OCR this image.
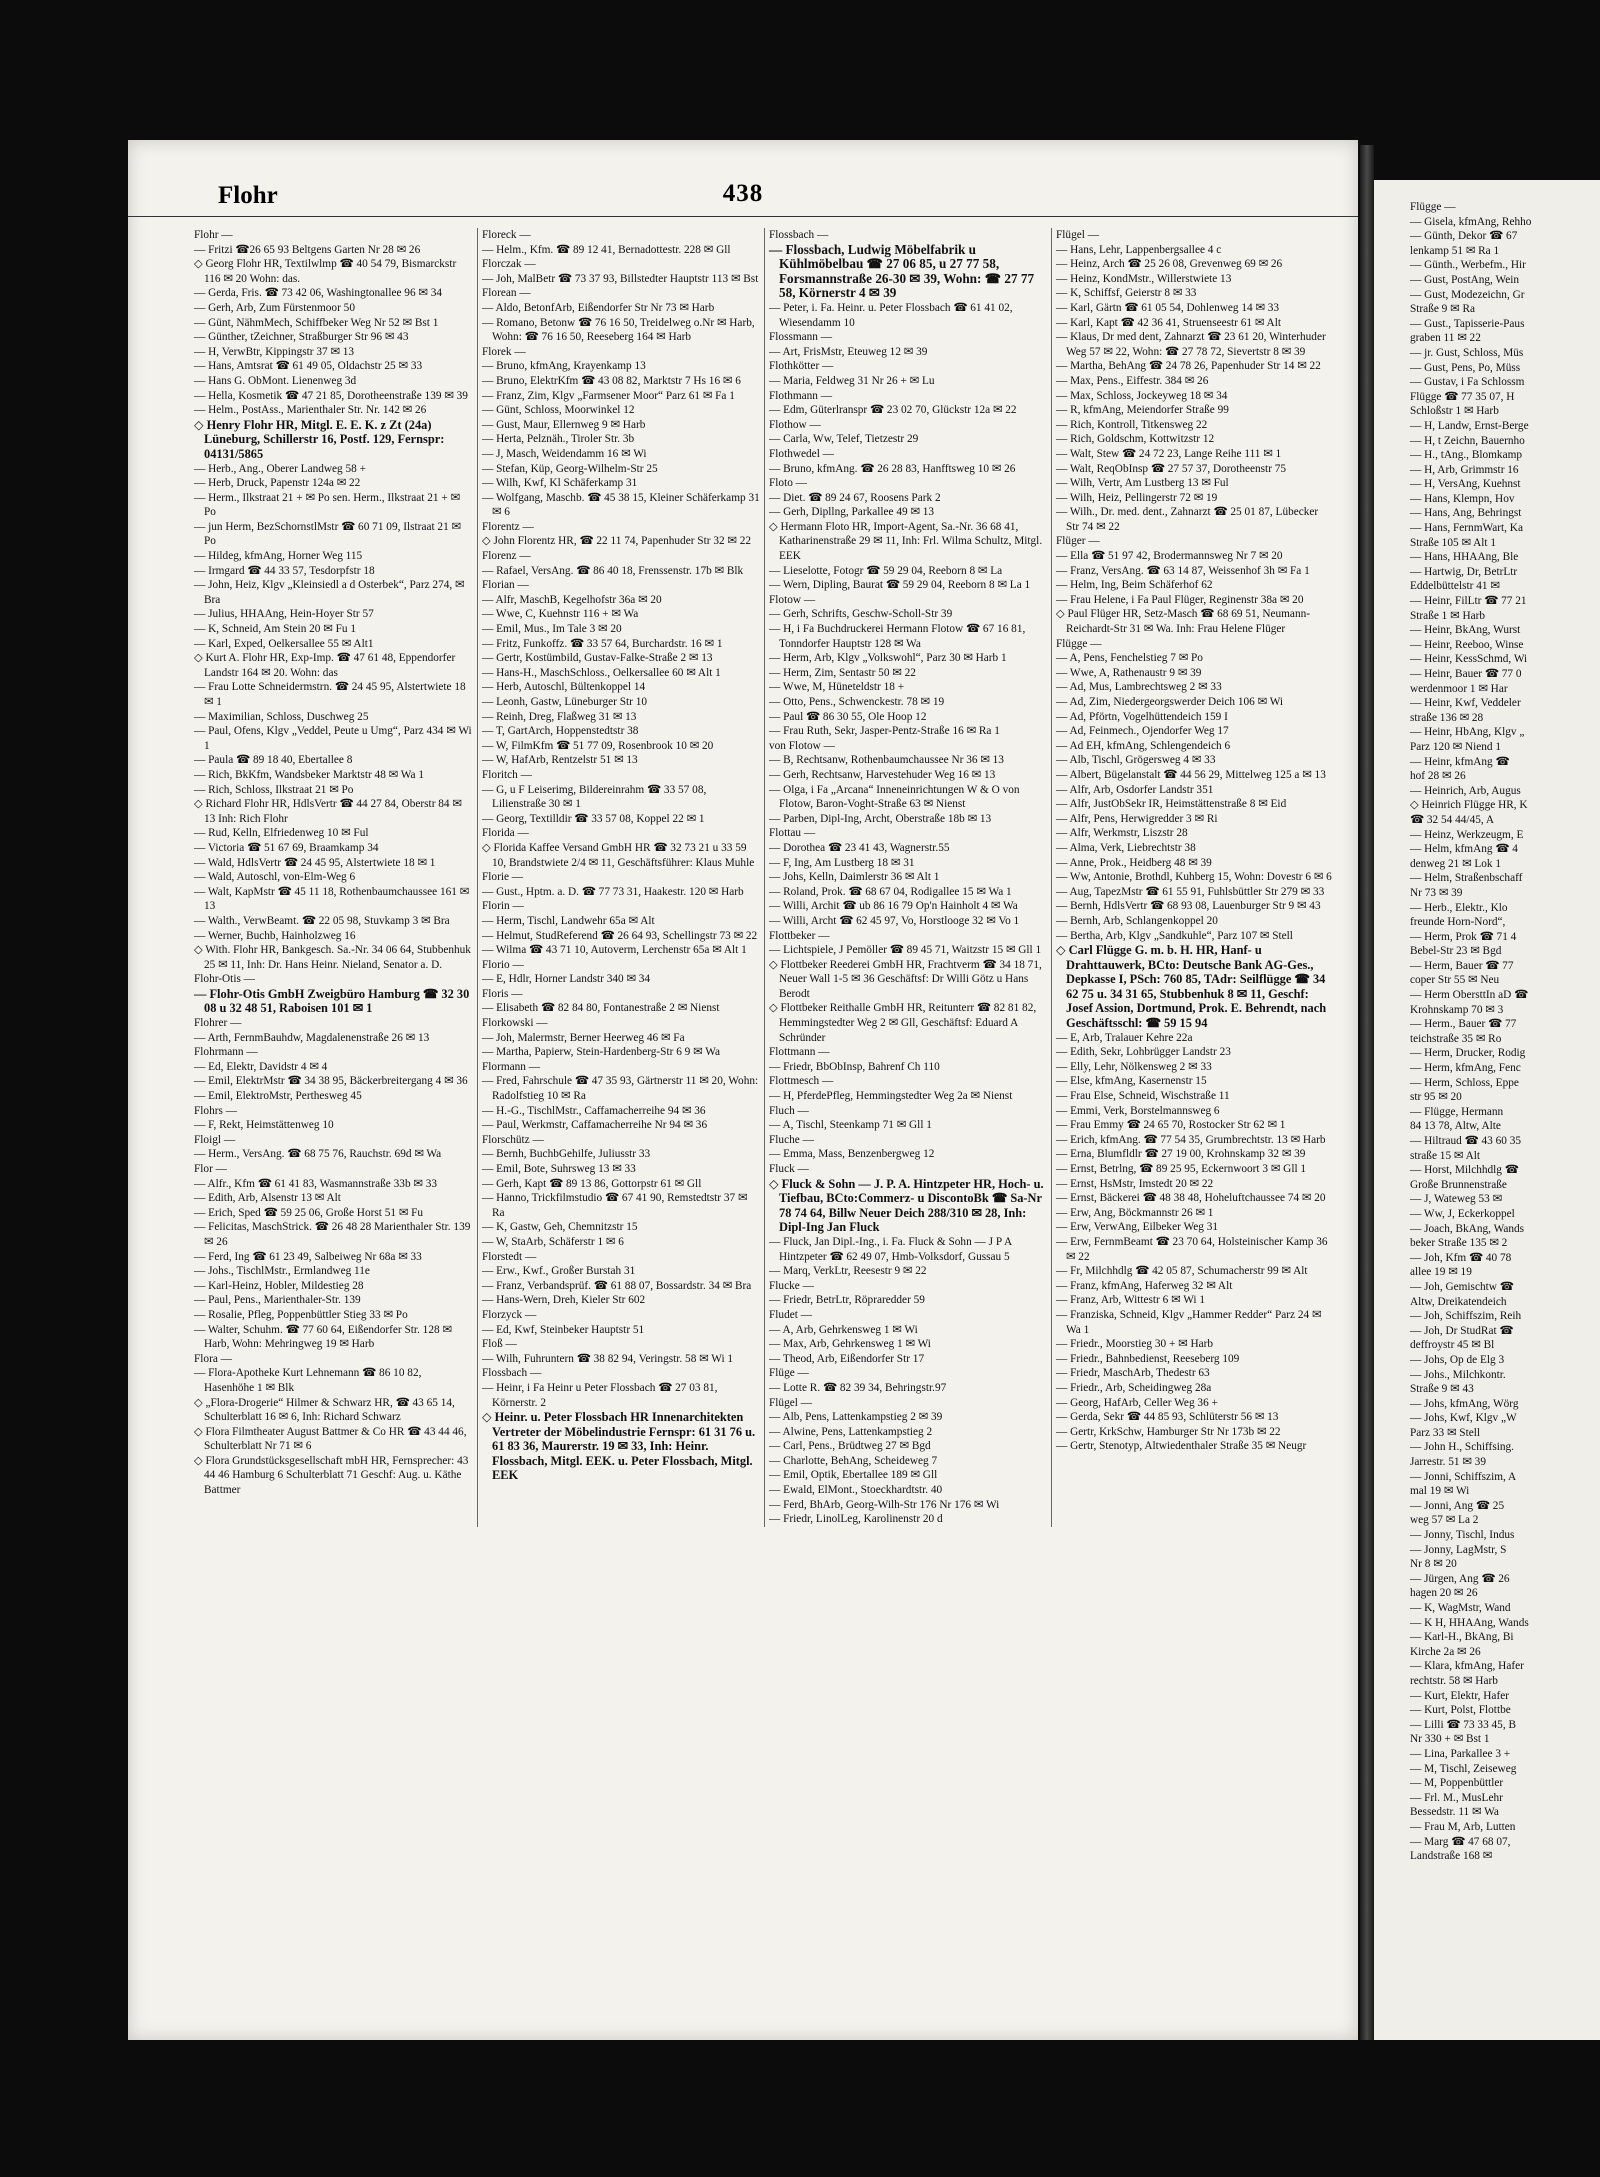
Flohr	438

Flohr —

— Fritzi ☎26 65 93 Beltgens Garten Nr 28 ✉ 26

◇ Georg Flohr HR, Textilwlmp ☎ 40 54 79, Bismarckstr 116 ✉ 20 Wohn: das.

— Gerda, Fris. ☎ 73 42 06, Washingtonallee 96 ✉ 34

— Gerh, Arb, Zum Fürstenmoor 50

— Günt, NähmMech, Schiffbeker Weg Nr 52 ✉ Bst 1

— Günther, tZeichner, Straßburger Str 96 ✉ 43

— H, VerwBtr, Kippingstr 37 ✉ 13

— Hans, Amtsrat ☎ 61 49 05, Oldachstr 25 ✉ 33

— Hans G. ObMont. Lienenweg 3d

— Hella, Kosmetik ☎ 47 21 85, Dorotheenstraße 139 ✉ 39

— Helm., PostAss., Marienthaler Str. Nr. 142 ✉ 26

◇ Henry Flohr HR, Mitgl. E. E. K. z Zt (24a) Lüneburg, Schillerstr 16, Postf. 129, Fernspr: 04131/5865

— Herb., Ang., Oberer Landweg 58 +

— Herb, Druck, Papenstr 124a ✉ 22

— Herm., Ilkstraat 21 + ✉ Po sen. Herm., Ilkstraat 21 + ✉ Po

— jun Herm, BezSchornstlMstr ☎ 60 71 09, Ilstraat 21 ✉ Po

— Hildeg, kfmAng, Horner Weg 115

— Irmgard ☎ 44 33 57, Tesdorpfstr 18

— John, Heiz, Klgv „Kleinsiedl a d Osterbek“, Parz 274, ✉ Bra

— Julius, HHAAng, Hein-Hoyer Str 57

— K, Schneid, Am Stein 20 ✉ Fu 1

— Karl, Exped, Oelkersallee 55 ✉ Alt1

◇ Kurt A. Flohr HR, Exp-Imp. ☎ 47 61 48, Eppendorfer Landstr 164 ✉ 20. Wohn: das

— Frau Lotte Schneidermstrn. ☎ 24 45 95, Alstertwiete 18 ✉ 1

— Maximilian, Schloss, Duschweg 25

— Paul, Ofens, Klgv „Veddel, Peute u Umg“, Parz 434 ✉ Wi 1

— Paula ☎ 89 18 40, Ebertallee 8

— Rich, BkKfm, Wandsbeker Marktstr 48 ✉ Wa 1

— Rich, Schloss, Ilkstraat 21 ✉ Po

◇ Richard Flohr HR, HdlsVertr ☎ 44 27 84, Oberstr 84 ✉ 13 Inh: Rich Flohr

— Rud, Kelln, Elfriedenweg 10 ✉ Ful

— Victoria ☎ 51 67 69, Braamkamp 34

— Wald, HdlsVertr ☎ 24 45 95, Alstertwiete 18 ✉ 1

— Wald, Autoschl, von-Elm-Weg 6

— Walt, KapMstr ☎ 45 11 18, Rothenbaumchaussee 161 ✉ 13

— Walth., VerwBeamt. ☎ 22 05 98, Stuvkamp 3 ✉ Bra

— Werner, Buchb, Hainholzweg 16

◇ With. Flohr HR, Bankgesch. Sa.-Nr. 34 06 64, Stubbenhuk 25 ✉ 11, Inh: Dr. Hans Heinr. Nieland, Senator a. D.

Flohr-Otis —

— Flohr-Otis GmbH Zweigbüro Hamburg ☎ 32 30 08 u 32 48 51, Raboisen 101 ✉ 1

Flohrer —

— Arth, FernmBauhdw, Magdalenenstraße 26 ✉ 13

Flohrmann —

— Ed, Elektr, Davidstr 4 ✉ 4

— Emil, ElektrMstr ☎ 34 38 95, Bäckerbreitergang 4 ✉ 36

— Emil, ElektroMstr, Perthesweg 45

Flohrs —

— F, Rekt, Heimstättenweg 10

Floigl —

— Herm., VersAng. ☎ 68 75 76, Rauchstr. 69d ✉ Wa

Flor —

— Alfr., Kfm ☎ 61 41 83, Wasmannstraße 33b ✉ 33

— Edith, Arb, Alsenstr 13 ✉ Alt

— Erich, Sped ☎ 59 25 06, Große Horst 51 ✉ Fu

— Felicitas, MaschStrick. ☎ 26 48 28 Marienthaler Str. 139 ✉ 26

— Ferd, Ing ☎ 61 23 49, Salbeiweg Nr 68a ✉ 33

— Johs., TischlMstr., Ermlandweg 11e

— Karl-Heinz, Hobler, Mildestieg 28

— Paul, Pens., Marienthaler-Str. 139

— Rosalie, Pfleg, Poppenbüttler Stieg 33 ✉ Po

— Walter, Schuhm. ☎ 77 60 64, Eißendorfer Str. 128 ✉ Harb, Wohn: Mehringweg 19 ✉ Harb

Flora —

— Flora-Apotheke Kurt Lehnemann ☎ 86 10 82, Hasenhöhe 1 ✉ Blk

◇ „Flora-Drogerie“ Hilmer & Schwarz HR, ☎ 43 65 14, Schulterblatt 16 ✉ 6, Inh: Richard Schwarz

◇ Flora Filmtheater August Battmer & Co HR ☎ 43 44 46, Schulterblatt Nr 71 ✉ 6

◇ Flora Grundstücksgesellschaft mbH HR, Fernsprecher: 43 44 46 Hamburg 6 Schulterblatt 71 Geschf: Aug. u. Käthe Battmer

Floreck —

— Helm., Kfm. ☎ 89 12 41, Bernadottestr. 228 ✉ Gll

Florczak —

— Joh, MalBetr ☎ 73 37 93, Billstedter Hauptstr 113 ✉ Bst

Florean —

— Aldo, BetonfArb, Eißendorfer Str Nr 73 ✉ Harb

— Romano, Betonw ☎ 76 16 50, Treidelweg o.Nr ✉ Harb, Wohn: ☎ 76 16 50, Reeseberg 164 ✉ Harb

Florek —

— Bruno, kfmAng, Krayenkamp 13

— Bruno, ElektrKfm ☎ 43 08 82, Marktstr 7 Hs 16 ✉ 6

— Franz, Zim, Klgv „Farmsener Moor“ Parz 61 ✉ Fa 1

— Günt, Schloss, Moorwinkel 12

— Gust, Maur, Ellernweg 9 ✉ Harb

— Herta, Pelznäh., Tiroler Str. 3b

— J, Masch, Weidendamm 16 ✉ Wi

— Stefan, Küp, Georg-Wilhelm-Str 25

— Wilh, Kwf, Kl Schäferkamp 31

— Wolfgang, Maschb. ☎ 45 38 15, Kleiner Schäferkamp 31 ✉ 6

Florentz —

◇ John Florentz HR, ☎ 22 11 74, Papenhuder Str 32 ✉ 22

Florenz —

— Rafael, VersAng. ☎ 86 40 18, Frenssenstr. 17b ✉ Blk

Florian —

— Alfr, MaschB, Kegelhofstr 36a ✉ 20

— Wwe, C, Kuehnstr 116 + ✉ Wa

— Emil, Mus., Im Tale 3 ✉ 20

— Fritz, Funkoffz. ☎ 33 57 64, Burchardstr. 16 ✉ 1

— Gertr, Kostümbild, Gustav-Falke-Straße 2 ✉ 13

— Hans-H., MaschSchloss., Oelkersallee 60 ✉ Alt 1

— Herb, Autoschl, Bültenkoppel 14

— Leonh, Gastw, Lüneburger Str 10

— Reinh, Dreg, Flaßweg 31 ✉ 13

— T, GartArch, Hoppenstedtstr 38

— W, FilmKfm ☎ 51 77 09, Rosenbrook 10 ✉ 20

— W, HafArb, Rentzelstr 51 ✉ 13

Floritch —

— G, u F Leiserimg, Bildereinrahm ☎ 33 57 08, Lilienstraße 30 ✉ 1

— Georg, Textilldir ☎ 33 57 08, Koppel 22 ✉ 1

Florida —

◇ Florida Kaffee Versand GmbH HR ☎ 32 73 21 u 33 59 10, Brandstwiete 2/4 ✉ 11, Geschäftsführer: Klaus Muhle

Florie —

— Gust., Hptm. a. D. ☎ 77 73 31, Haakestr. 120 ✉ Harb

Florin —

— Herm, Tischl, Landwehr 65a ✉ Alt

— Helmut, StudReferend ☎ 26 64 93, Schellingstr 73 ✉ 22

— Wilma ☎ 43 71 10, Autoverm, Lerchenstr 65a ✉ Alt 1

Florio —

— E, Hdlr, Horner Landstr 340 ✉ 34

Floris —

— Elisabeth ☎ 82 84 80, Fontanestraße 2 ✉ Nienst

Florkowski —

— Joh, Malermstr, Berner Heerweg 46 ✉ Fa

— Martha, Papierw, Stein-Hardenberg-Str 6 9 ✉ Wa

Flormann —

— Fred, Fahrschule ☎ 47 35 93, Gärtnerstr 11 ✉ 20, Wohn: Radolfstieg 10 ✉ Ra

— H.-G., TischlMstr., Caffamacherreihe 94 ✉ 36

— Paul, Werkmstr, Caffamacherreihe Nr 94 ✉ 36

Florschütz —

— Bernh, BuchbGehilfe, Juliusstr 33

— Emil, Bote, Suhrsweg 13 ✉ 33

— Gerh, Kapt ☎ 89 13 86, Gottorpstr 61 ✉ Gll

— Hanno, Trickfilmstudio ☎ 67 41 90, Remstedtstr 37 ✉ Ra

— K, Gastw, Geh, Chemnitzstr 15

— W, StaArb, Schäferstr 1 ✉ 6

Florstedt —

— Erw., Kwf., Großer Burstah 31

— Franz, Verbandsprüf. ☎ 61 88 07, Bossardstr. 34 ✉ Bra

— Hans-Wern, Dreh, Kieler Str 602

Florzyck —

— Ed, Kwf, Steinbeker Hauptstr 51

Floß —

— Wilh, Fuhruntern ☎ 38 82 94, Veringstr. 58 ✉ Wi 1

Flossbach —

— Heinr, i Fa Heinr u Peter Flossbach ☎ 27 03 81, Körnerstr. 2

◇ Heinr. u. Peter Flossbach HR Innenarchitekten Vertreter der Möbelindustrie Fernspr: 61 31 76 u. 61 83 36, Maurerstr. 19 ✉ 33, Inh: Heinr. Flossbach, Mitgl. EEK. u. Peter Flossbach, Mitgl. EEK

Flossbach —

— Flossbach, Ludwig Möbelfabrik u Kühlmöbelbau ☎ 27 06 85, u 27 77 58, Forsmannstraße 26-30 ✉ 39, Wohn: ☎ 27 77 58, Körnerstr 4 ✉ 39

— Peter, i. Fa. Heinr. u. Peter Flossbach ☎ 61 41 02, Wiesendamm 10

Flossmann —

— Art, FrisMstr, Eteuweg 12 ✉ 39

Flothkötter —

— Maria, Feldweg 31 Nr 26 + ✉ Lu

Flothmann —

— Edm, Güterlranspr ☎ 23 02 70, Glückstr 12a ✉ 22

Flothow —

— Carla, Ww, Telef, Tietzestr 29

Flothwedel —

— Bruno, kfmAng. ☎ 26 28 83, Hanfftsweg 10 ✉ 26

Floto —

— Diet. ☎ 89 24 67, Roosens Park 2

— Gerh, Dipllng, Parkallee 49 ✉ 13

◇ Hermann Floto HR, Import-Agent, Sa.-Nr. 36 68 41, Katharinenstraße 29 ✉ 11, Inh: Frl. Wilma Schultz, Mitgl. EEK

— Lieselotte, Fotogr ☎ 59 29 04, Reeborn 8 ✉ La

— Wern, Dipling, Baurat ☎ 59 29 04, Reeborn 8 ✉ La 1

Flotow —

— Gerh, Schrifts, Geschw-Scholl-Str 39

— H, i Fa Buchdruckerei Hermann Flotow ☎ 67 16 81, Tonndorfer Hauptstr 128 ✉ Wa

— Herm, Arb, Klgv „Volkswohl“, Parz 30 ✉ Harb 1

— Herm, Zim, Sentastr 50 ✉ 22

— Wwe, M, Hüneteldstr 18 +

— Otto, Pens., Schwenckestr. 78 ✉ 19

— Paul ☎ 86 30 55, Ole Hoop 12

— Frau Ruth, Sekr, Jasper-Pentz-Straße 16 ✉ Ra 1

von Flotow —

— B, Rechtsanw, Rothenbaumchaussee Nr 36 ✉ 13

— Gerh, Rechtsanw, Harvestehuder Weg 16 ✉ 13

— Olga, i Fa „Arcana“ Inneneinrichtungen W & O von Flotow, Baron-Voght-Straße 63 ✉ Nienst

— Parben, Dipl-Ing, Archt, Oberstraße 18b ✉ 13

Flottau —

— Dorothea ☎ 23 41 43, Wagnerstr.55

— F, Ing, Am Lustberg 18 ✉ 31

— Johs, Kelln, Daimlerstr 36 ✉ Alt 1

— Roland, Prok. ☎ 68 67 04, Rodigallee 15 ✉ Wa 1

— Willi, Archit ☎ ub 86 16 79 Op'n Hainholt 4 ✉ Wa

— Willi, Archt ☎ 62 45 97, Vo, Horstlooge 32 ✉ Vo 1

Flottbeker —

— Lichtspiele, J Pemöller ☎ 89 45 71, Waitzstr 15 ✉ Gll 1

◇ Flottbeker Reederei GmbH HR, Frachtverm ☎ 34 18 71, Neuer Wall 1-5 ✉ 36 Geschäftsf: Dr Willi Götz u Hans Berodt

◇ Flottbeker Reithalle GmbH HR, Reitunterr ☎ 82 81 82, Hemmingstedter Weg 2 ✉ Gll, Geschäftsf: Eduard A Schründer

Flottmann —

— Friedr, BbObInsp, Bahrenf Ch 110

Flottmesch —

— H, PferdePfleg, Hemmingstedter Weg 2a ✉ Nienst

Fluch —

— A, Tischl, Steenkamp 71 ✉ Gll 1

Fluche —

— Emma, Mass, Benzenbergweg 12

Fluck —

◇ Fluck & Sohn — J. P. A. Hintzpeter HR, Hoch- u. Tiefbau, BCto:Commerz- u DiscontoBk ☎ Sa-Nr 78 74 64, Billw Neuer Deich 288/310 ✉ 28, Inh: Dipl-Ing Jan Fluck

— Fluck, Jan Dipl.-Ing., i. Fa. Fluck & Sohn — J P A Hintzpeter ☎ 62 49 07, Hmb-Volksdorf, Gussau 5

— Marq, VerkLtr, Reesestr 9 ✉ 22

Flucke —

— Friedr, BetrLtr, Röpraredder 59

Fludet —

— A, Arb, Gehrkensweg 1 ✉ Wi

— Max, Arb, Gehrkensweg 1 ✉ Wi

— Theod, Arb, Eißendorfer Str 17

Flüge —

— Lotte R. ☎ 82 39 34, Behringstr.97

Flügel —

— Alb, Pens, Lattenkampstieg 2 ✉ 39

— Alwine, Pens, Lattenkampstieg 2

— Carl, Pens., Brüdtweg 27 ✉ Bgd

— Charlotte, BehAng, Scheideweg 7

— Emil, Optik, Ebertallee 189 ✉ Gll

— Ewald, ElMont., Stoeckhardtstr. 40

— Ferd, BhArb, Georg-Wilh-Str 176 Nr 176 ✉ Wi

— Friedr, LinolLeg, Karolinenstr 20 d

Flügel —

— Hans, Lehr, Lappenbergsallee 4 c

— Heinz, Arch ☎ 25 26 08, Grevenweg 69 ✉ 26

— Heinz, KondMstr., Willerstwiete 13

— K, Schiffsf, Geierstr 8 ✉ 33

— Karl, Gärtn ☎ 61 05 54, Dohlenweg 14 ✉ 33

— Karl, Kapt ☎ 42 36 41, Struenseestr 61 ✉ Alt

— Klaus, Dr med dent, Zahnarzt ☎ 23 61 20, Winterhuder Weg 57 ✉ 22, Wohn: ☎ 27 78 72, Sievertstr 8 ✉ 39

— Martha, BehAng ☎ 24 78 26, Papenhuder Str 14 ✉ 22

— Max, Pens., Eiffestr. 384 ✉ 26

— Max, Schloss, Jockeyweg 18 ✉ 34

— R, kfmAng, Meiendorfer Straße 99

— Rich, Kontroll, Titkensweg 22

— Rich, Goldschm, Kottwitzstr 12

— Walt, Stew ☎ 24 72 23, Lange Reihe 111 ✉ 1

— Walt, ReqObInsp ☎ 27 57 37, Dorotheenstr 75

— Wilh, Vertr, Am Lustberg 13 ✉ Ful

— Wilh, Heiz, Pellingerstr 72 ✉ 19

— Wilh., Dr. med. dent., Zahnarzt ☎ 25 01 87, Lübecker Str 74 ✉ 22

Flüger —

— Ella ☎ 51 97 42, Brodermannsweg Nr 7 ✉ 20

— Franz, VersAng. ☎ 63 14 87, Weissenhof 3h ✉ Fa 1

— Helm, Ing, Beim Schäferhof 62

— Frau Helene, i Fa Paul Flüger, Reginenstr 38a ✉ 20

◇ Paul Flüger HR, Setz-Masch ☎ 68 69 51, Neumann-Reichardt-Str 31 ✉ Wa. Inh: Frau Helene Flüger

Flügge —

— A, Pens, Fenchelstieg 7 ✉ Po

— Wwe, A, Rathenaustr 9 ✉ 39

— Ad, Mus, Lambrechtsweg 2 ✉ 33

— Ad, Zim, Niedergeorgswerder Deich 106 ✉ Wi

— Ad, Pförtn, Vogelhüttendeich 159 I

— Ad, Feinmech., Ojendorfer Weg 17

— Ad EH, kfmAng, Schlengendeich 6

— Alb, Tischl, Grögersweg 4 ✉ 33

— Albert, Bügelanstalt ☎ 44 56 29, Mittelweg 125 a ✉ 13

— Alfr, Arb, Osdorfer Landstr 351

— Alfr, JustObSekr IR, Heimstättenstraße 8 ✉ Eid

— Alfr, Pens, Herwigredder 3 ✉ Ri

— Alfr, Werkmstr, Liszstr 28

— Alma, Verk, Liebrechtstr 38

— Anne, Prok., Heidberg 48 ✉ 39

— Ww, Antonie, Brothdl, Kuhberg 15, Wohn: Dovestr 6 ✉ 6

— Aug, TapezMstr ☎ 61 55 91, Fuhlsbüttler Str 279 ✉ 33

— Bernh, HdlsVertr ☎ 68 93 08, Lauenburger Str 9 ✉ 43

— Bernh, Arb, Schlangenkoppel 20

— Bertha, Arb, Klgv „Sandkuhle“, Parz 107 ✉ Stell

◇ Carl Flügge G. m. b. H. HR, Hanf- u Drahttauwerk, BCto: Deutsche Bank AG-Ges., Depkasse I, PSch: 760 85, TAdr: Seilflügge ☎ 34 62 75 u. 34 31 65, Stubbenhuk 8 ✉ 11, Geschf: Josef Assion, Dortmund, Prok. E. Behrendt, nach Geschäftsschl: ☎ 59 15 94

— E, Arb, Tralauer Kehre 22a

— Edith, Sekr, Lohbrügger Landstr 23

— Elly, Lehr, Nölkensweg 2 ✉ 33

— Else, kfmAng, Kasernenstr 15

— Frau Else, Schneid, Wischstraße 11

— Emmi, Verk, Borstelmannsweg 6

— Frau Emmy ☎ 24 65 70, Rostocker Str 62 ✉ 1

— Erich, kfmAng. ☎ 77 54 35, Grumbrechtstr. 13 ✉ Harb

— Erna, Blumfldlr ☎ 27 19 00, Krohnskamp 32 ✉ 39

— Ernst, Betrlng, ☎ 89 25 95, Eckernwoort 3 ✉ Gll 1

— Ernst, HsMstr, Imstedt 20 ✉ 22

— Ernst, Bäckerei ☎ 48 38 48, Hoheluftchaussee 74 ✉ 20

— Erw, Ang, Böckmannstr 26 ✉ 1

— Erw, VerwAng, Eilbeker Weg 31

— Erw, FernmBeamt ☎ 23 70 64, Holsteinischer Kamp 36 ✉ 22

— Fr, Milchhdlg ☎ 42 05 87, Schumacherstr 99 ✉ Alt

— Franz, kfmAng, Haferweg 32 ✉ Alt

— Franz, Arb, Wittestr 6 ✉ Wi 1

— Franziska, Schneid, Klgv „Hammer Redder“ Parz 24 ✉ Wa 1

— Friedr., Moorstieg 30 + ✉ Harb

— Friedr., Bahnbedienst, Reeseberg 109

— Friedr, MaschArb, Thedestr 63

— Friedr., Arb, Scheidingweg 28a

— Georg, HafArb, Celler Weg 36 +

— Gerda, Sekr ☎ 44 85 93, Schlüterstr 56 ✉ 13

— Gertr, KrkSchw, Hamburger Str Nr 173b ✉ 22

— Gertr, Stenotyp, Altwiedenthaler Straße 35 ✉ Neugr

Flügge —

— Gisela, kfmAng, Rehho

— Günth, Dekor ☎ 67

lenkamp 51 ✉ Ra 1

— Günth., Werbefm., Hir

— Gust, PostAng, Wein

— Gust, Modezeichn, Gr

Straße 9 ✉ Ra

— Gust., Tapisserie-Paus

graben 11 ✉ 22

— jr. Gust, Schloss, Müs

— Gust, Pens, Po, Müss

— Gustav, i Fa Schlossm

Flügge ☎ 77 35 07, H

Schloßstr 1 ✉ Harb

— H, Landw, Ernst-Berge

— H, t Zeichn, Bauernho

— H., tAng., Blomkamp

— H, Arb, Grimmstr 16

— H, VersAng, Kuehnst

— Hans, Klempn, Hov

— Hans, Ang, Behringst

— Hans, FernmWart, Ka

Straße 105 ✉ Alt 1

— Hans, HHAAng, Ble

— Hartwig, Dr, BetrLtr

Eddelbüttelstr 41 ✉

— Heinr, FilLtr ☎ 77 21

Straße 1 ✉ Harb

— Heinr, BkAng, Wurst

— Heinr, Reeboo, Winse

— Heinr, KessSchmd, Wi

— Heinr, Bauer ☎ 77 0

werdenmoor 1 ✉ Har

— Heinr, Kwf, Veddeler

straße 136 ✉ 28

— Heinr, HbAng, Klgv „

Parz 120 ✉ Niend 1

— Heinr, kfmAng ☎

hof 28 ✉ 26

— Heinrich, Arb, Augus

◇ Heinrich Flügge HR, K

☎ 32 54 44/45, A

— Heinz, Werkzeugm, E

— Helm, kfmAng ☎ 4

denweg 21 ✉ Lok 1

— Helm, Straßenbschaff

Nr 73 ✉ 39

— Herb., Elektr., Klo

freunde Horn-Nord“,

— Herm, Prok ☎ 71 4

Bebel-Str 23 ✉ Bgd

— Herm, Bauer ☎ 77

coper Str 55 ✉ Neu

— Herm ObersttIn aD ☎

Krohnskamp 70 ✉ 3

— Herm., Bauer ☎ 77

teichstraße 35 ✉ Ro

— Herm, Drucker, Rodig

— Herm, kfmAng, Fenc

— Herm, Schloss, Eppe

str 95 ✉ 20

— Flügge, Hermann

84 13 78, Altw, Alte

— Hiltraud ☎ 43 60 35

straße 15 ✉ Alt

— Horst, Milchhdlg ☎

Große Brunnenstraße

— J, Wateweg 53 ✉

— Ww, J, Eckerkoppel

— Joach, BkAng, Wands

beker Straße 135 ✉ 2

— Joh, Kfm ☎ 40 78

allee 19 ✉ 19

— Joh, Gemischtw ☎

Altw, Dreikatendeich

— Joh, Schiffszim, Reih

— Joh, Dr StudRat ☎

deffroystr 45 ✉ Bl

— Johs, Op de Elg 3

— Johs., Milchkontr.

Straße 9 ✉ 43

— Johs, kfmAng, Wörg

— Johs, Kwf, Klgv „W

Parz 33 ✉ Stell

— John H., Schiffsing.

Jarrestr. 51 ✉ 39

— Jonni, Schiffszim, A

mal 19 ✉ Wi

— Jonni, Ang ☎ 25

weg 57 ✉ La 2

— Jonny, Tischl, Indus

— Jonny, LagMstr, S

Nr 8 ✉ 20

— Jürgen, Ang ☎ 26

hagen 20 ✉ 26

— K, WagMstr, Wand

— K H, HHAAng, Wands

— Karl-H., BkAng, Bi

Kirche 2a ✉ 26

— Klara, kfmAng, Hafer

rechtstr. 58 ✉ Harb

— Kurt, Elektr, Hafer

— Kurt, Polst, Flottbe

— Lilli ☎ 73 33 45, B

Nr 330 + ✉ Bst 1

— Lina, Parkallee 3 +

— M, Tischl, Zeiseweg

— M, Poppenbüttler

— Frl. M., MusLehr

Bessedstr. 11 ✉ Wa

— Frau M, Arb, Lutten

— Marg ☎ 47 68 07,

Landstraße 168 ✉
